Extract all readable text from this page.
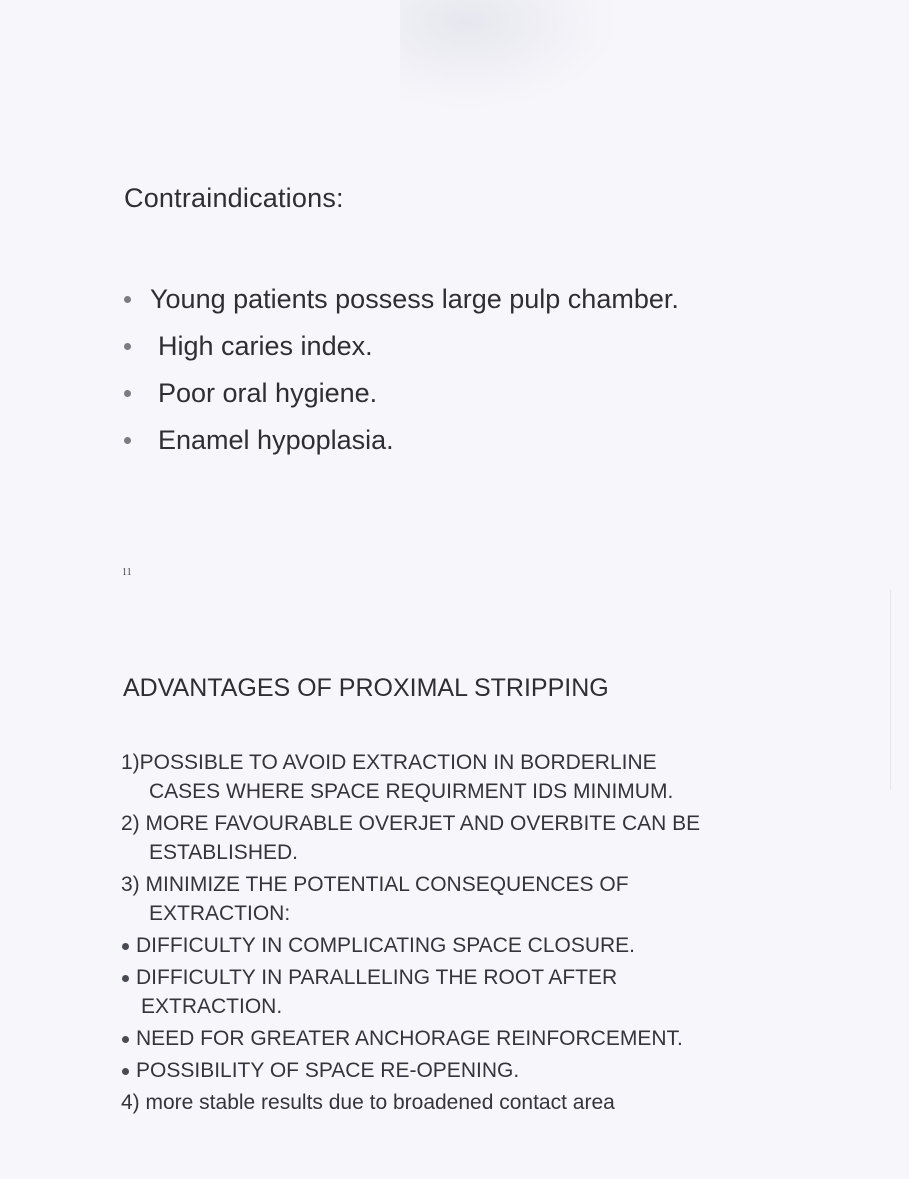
Contraindications:
Young patients possess large pulp chamber.
High caries index.
Poor oral hygiene.
Enamel hypoplasia.
11
ADVANTAGES OF PROXIMAL STRIPPING
1)POSSIBLE TO AVOID EXTRACTION IN BORDERLINE
CASES WHERE SPACE REQUIRMENT IDS MINIMUM.
2) MORE FAVOURABLE OVERJET AND OVERBITE CAN BE
ESTABLISHED.
3) MINIMIZE THE POTENTIAL CONSEQUENCES OF
EXTRACTION:
DIFFICULTY IN COMPLICATING SPACE CLOSURE.
DIFFICULTY IN PARALLELING THE ROOT AFTER
EXTRACTION.
NEED FOR GREATER ANCHORAGE REINFORCEMENT.
POSSIBILITY OF SPACE RE-OPENING.
4) more stable results due to broadened contact area
